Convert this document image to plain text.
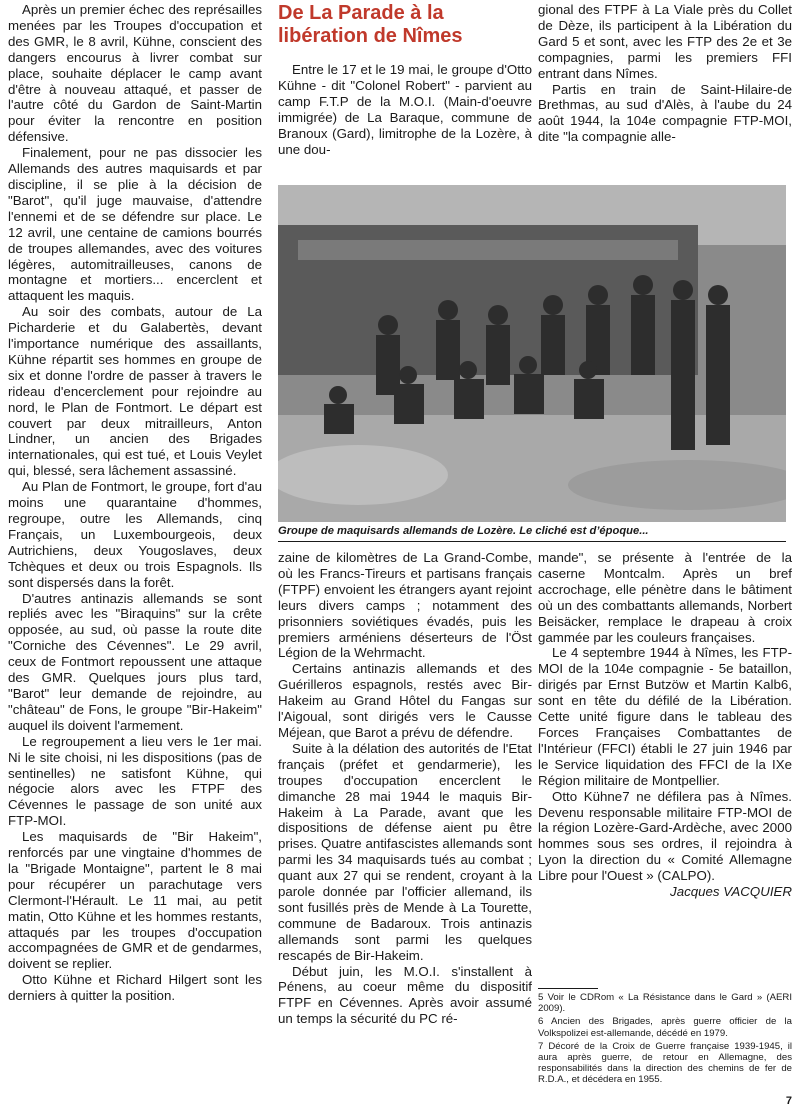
De La Parade à la libération de Nîmes

Après un premier échec des représailles menées par les Troupes d'occupation et des GMR, le 8 avril, Kühne, conscient des dangers encourus à livrer combat sur place, souhaite déplacer le camp avant d'être à nouveau attaqué, et passer de l'autre côté du Gardon de Saint-Martin pour éviter la rencontre en position défensive.

Finalement, pour ne pas dissocier les Allemands des autres maquisards et par discipline, il se plie à la décision de "Barot", qu'il juge mauvaise, d'attendre l'ennemi et de se défendre sur place. Le 12 avril, une centaine de camions bourrés de troupes allemandes, avec des voitures légères, automitrailleuses, canons de montagne et mortiers... encerclent et attaquent les maquis.

Au soir des combats, autour de La Picharderie et du Galabertès, devant l'importance numérique des assaillants, Kühne répartit ses hommes en groupe de six et donne l'ordre de passer à travers le rideau d'encerclement pour rejoindre au nord, le Plan de Fontmort. Le départ est couvert par deux mitrailleurs, Anton Lindner, un ancien des Brigades internationales, qui est tué, et Louis Veylet qui, blessé, sera lâchement assassiné.

Au Plan de Fontmort, le groupe, fort d'au moins une quarantaine d'hommes, regroupe, outre les Allemands, cinq Français, un Luxembourgeois, deux Autrichiens, deux Yougoslaves, deux Tchèques et deux ou trois Espagnols. Ils sont dispersés dans la forêt.

D'autres antinazis allemands se sont repliés avec les "Biraquins" sur la crête opposée, au sud, où passe la route dite "Corniche des Cévennes". Le 29 avril, ceux de Fontmort repoussent une attaque des GMR. Quelques jours plus tard, "Barot" leur demande de rejoindre, au "château" de Fons, le groupe "Bir-Hakeim" auquel ils doivent l'armement.

Le regroupement a lieu vers le 1er mai. Ni le site choisi, ni les dispositions (pas de sentinelles) ne satisfont Kühne, qui négocie alors avec les FTPF des Cévennes le passage de son unité aux FTP-MOI.

Les maquisards de "Bir Hakeim", renforcés par une vingtaine d'hommes de la "Brigade Montaigne", partent le 8 mai pour récupérer un parachutage vers Clermont-l'Hérault. Le 11 mai, au petit matin, Otto Kühne et les hommes restants, attaqués par les troupes d'occupation accompagnées de GMR et de gendarmes, doivent se replier.

Otto Kühne et Richard Hilgert sont les derniers à quitter la position.

Entre le 17 et le 19 mai, le groupe d'Otto Kühne - dit "Colonel Robert" - parvient au camp F.T.P de la M.O.I. (Main-d'oeuvre immigrée) de La Baraque, commune de Branoux (Gard), limitrophe de la Lozère, à une dou-

gional des FTPF à La Viale près du Collet de Dèze, ils participent à la Libération du Gard 5 et sont, avec les FTP des 2e et 3e compagnies, parmi les premiers FFI entrant dans Nîmes.

Partis en train de Saint-Hilaire-de Brethmas, au sud d'Alès, à l'aube du 24 août 1944, la 104e compagnie FTP-MOI, dite "la compagnie alle-

Groupe de maquisards allemands de Lozère. Le cliché est d’époque...

zaine de kilomètres de La Grand-Combe, où les Francs-Tireurs et partisans français (FTPF) envoient les étrangers ayant rejoint leurs divers camps ; notamment des prisonniers soviétiques évadés, puis les premiers arméniens déserteurs de l'Öst Légion de la Wehrmacht.

Certains antinazis allemands et des Guérilleros espagnols, restés avec Bir-Hakeim au Grand Hôtel du Fangas sur l'Aigoual, sont dirigés vers le Causse Méjean, que Barot a prévu de défendre.

Suite à la délation des autorités de l'Etat français (préfet et gendarmerie), les troupes d'occupation encerclent le dimanche 28 mai 1944 le maquis Bir-Hakeim à La Parade, avant que les dispositions de défense aient pu être prises. Quatre antifascistes allemands sont parmi les 34 maquisards tués au combat ; quant aux 27 qui se rendent, croyant à la parole donnée par l'officier allemand, ils sont fusillés près de Mende à La Tourette, commune de Badaroux. Trois antinazis allemands sont parmi les quelques rescapés de Bir-Hakeim.

Début juin, les M.O.I. s'installent à Pénens, au coeur même du dispositif FTPF en Cévennes. Après avoir assumé un temps la sécurité du PC ré-

mande", se présente à l'entrée de la caserne Montcalm. Après un bref accrochage, elle pénètre dans le bâtiment où un des combattants allemands, Norbert Beisäcker, remplace le drapeau à croix gammée par les couleurs françaises.

Le 4 septembre 1944 à Nîmes, les FTP-MOI de la 104e compagnie - 5e bataillon, dirigés par Ernst Butzöw et Martin Kalb6, sont en tête du défilé de la Libération. Cette unité figure dans le tableau des Forces Françaises Combattantes de l'Intérieur (FFCI) établi le 27 juin 1946 par le Service liquidation des FFCI de la IXe Région militaire de Montpellier.

Otto Kühne7 ne défilera pas à Nîmes. Devenu responsable militaire FTP-MOI de la région Lozère-Gard-Ardèche, avec 2000 hommes sous ses ordres, il rejoindra à Lyon la direction du « Comité Allemagne Libre pour l'Ouest » (CALPO).

Jacques VACQUIER

5 Voir le CDRom « La Résistance dans le Gard » (AERI 2009).

6 Ancien des Brigades, après guerre officier de la Volkspolizei est-allemande, décédé en 1979.

7 Décoré de la Croix de Guerre française 1939-1945, il aura après guerre, de retour en Allemagne, des responsabilités dans la direction des chemins de fer de R.D.A., et décédera en 1955.

7
